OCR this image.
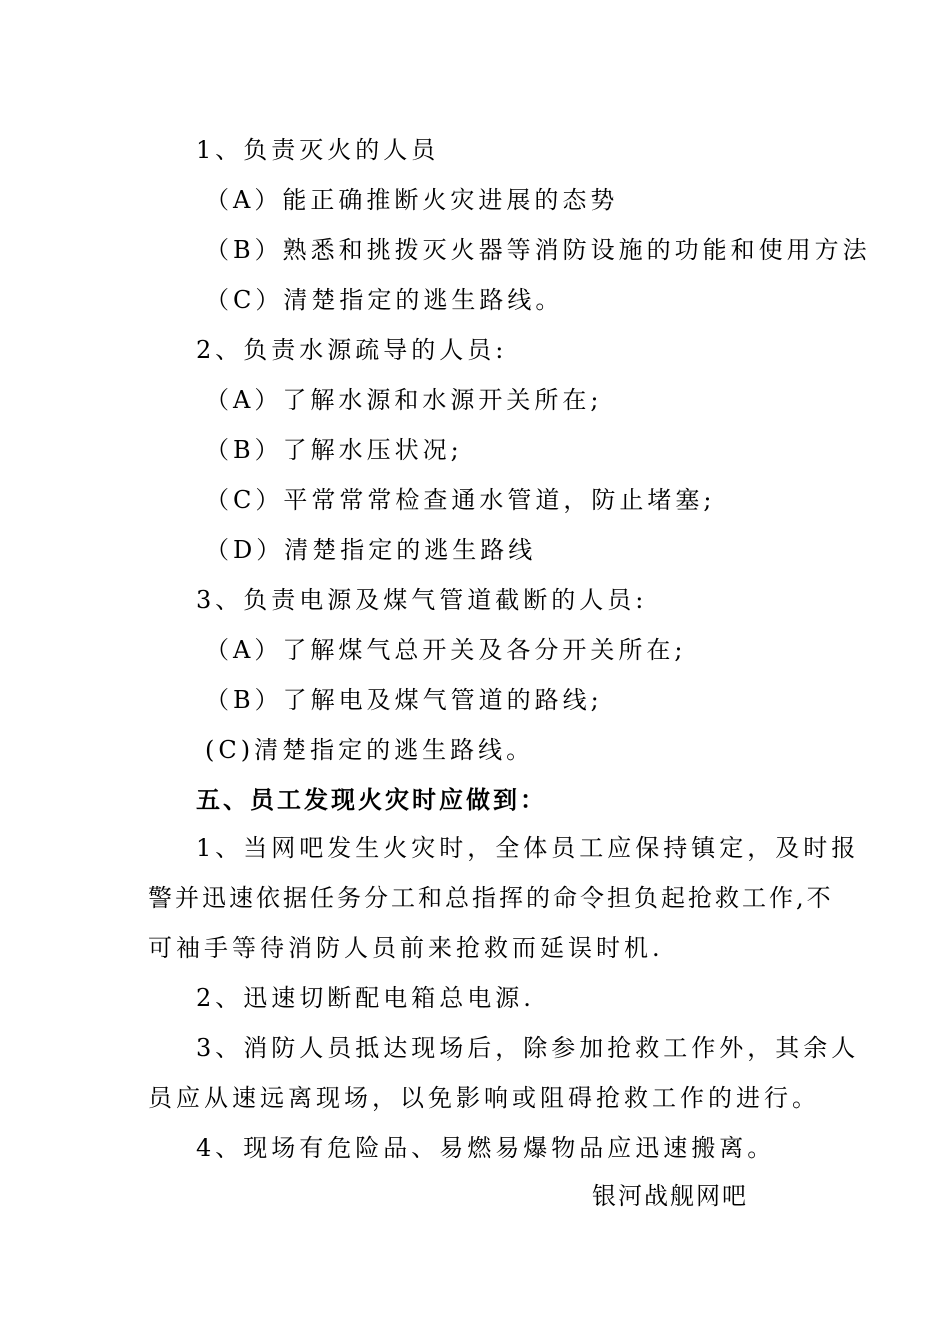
1、负责灭火的人员
（A）能正确推断火灾进展的态势
（B）熟悉和挑拨灭火器等消防设施的功能和使用方法
（C）清楚指定的逃生路线。
2、负责水源疏导的人员:
（A）了解水源和水源开关所在;
（B）了解水压状况;
（C）平常常常检查通水管道，防止堵塞;
（D）清楚指定的逃生路线
3、负责电源及煤气管道截断的人员:
（A）了解煤气总开关及各分开关所在;
（B）了解电及煤气管道的路线;
(C)清楚指定的逃生路线。
五、员工发现火灾时应做到：
1、当网吧发生火灾时，全体员工应保持镇定，及时报
警并迅速依据任务分工和总指挥的命令担负起抢救工作,不
可袖手等待消防人员前来抢救而延误时机.
2、迅速切断配电箱总电源.
3、消防人员抵达现场后，除参加抢救工作外，其余人
员应从速远离现场，以免影响或阻碍抢救工作的进行。
4、现场有危险品、易燃易爆物品应迅速搬离。
银河战舰网吧
